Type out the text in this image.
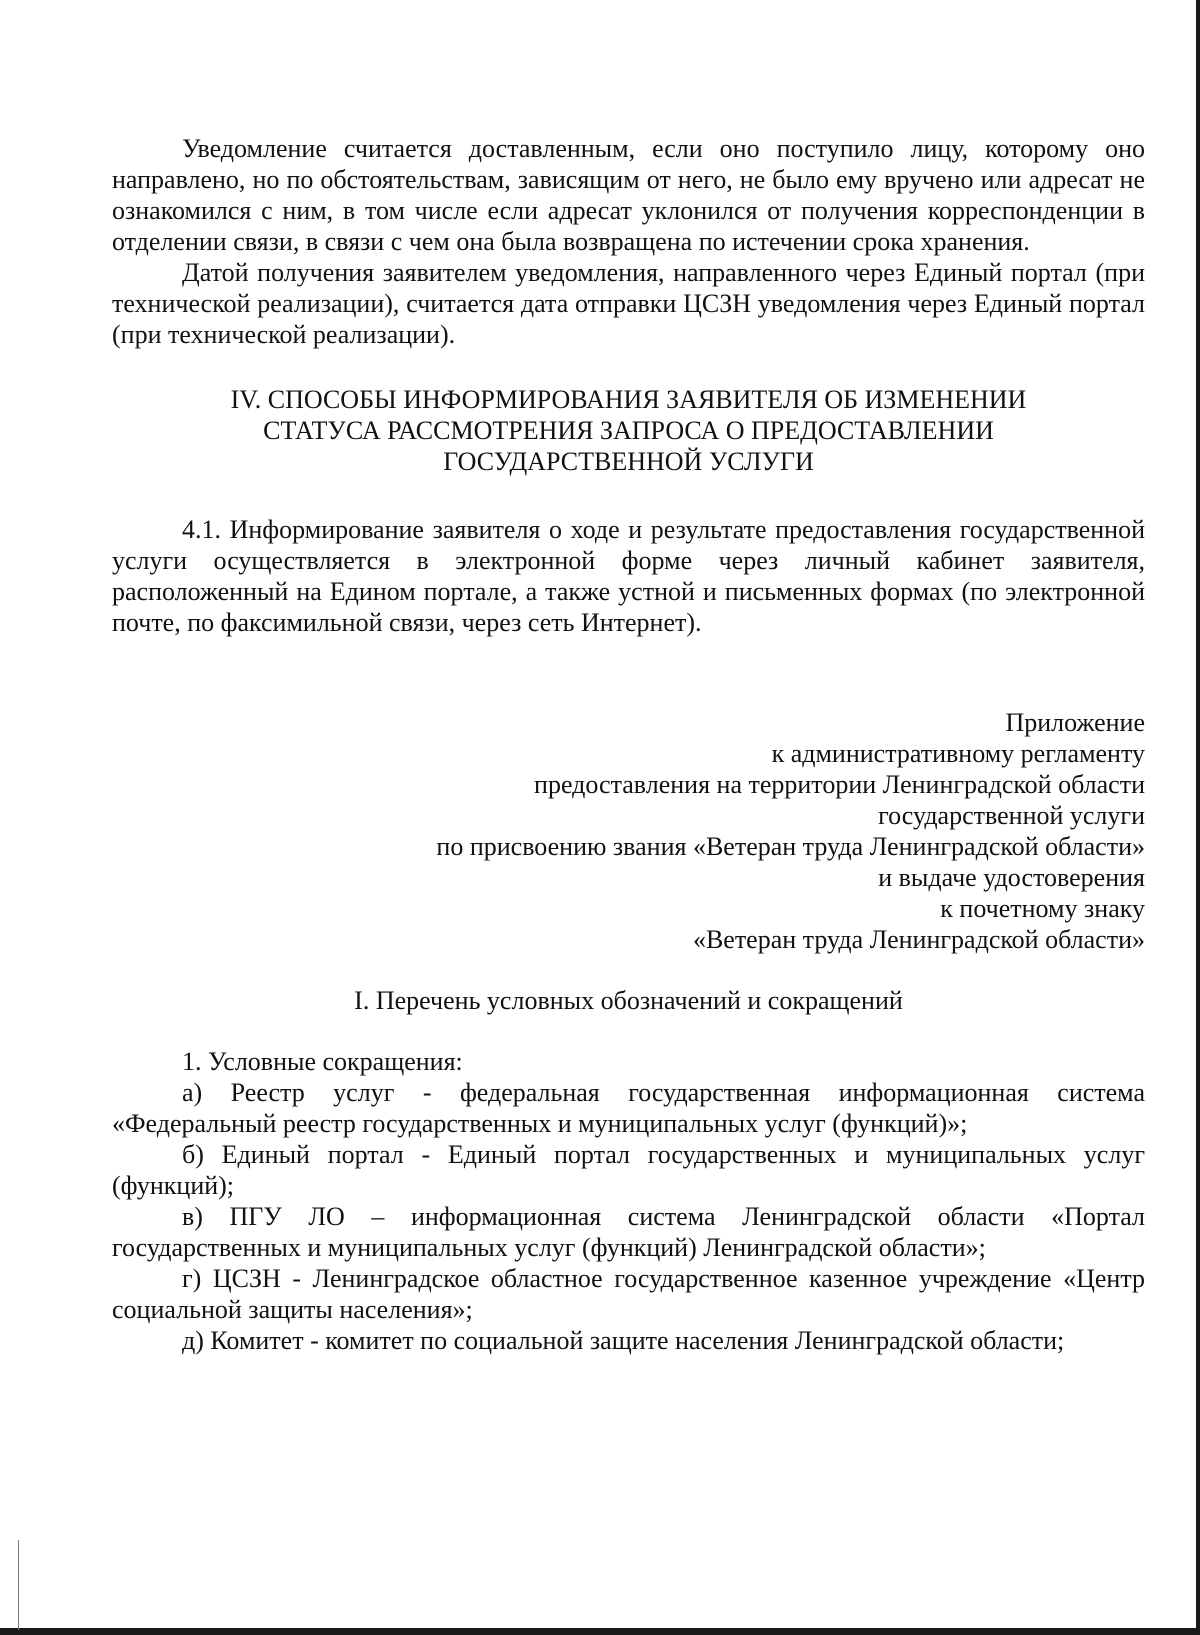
Уведомление считается доставленным, если оно поступило лицу, которому оно направлено, но по обстоятельствам, зависящим от него, не было ему вручено или адресат не ознакомился с ним, в том числе если адресат уклонился от получения корреспонденции в отделении связи, в связи с чем она была возвращена по истечении срока хранения.

Датой получения заявителем уведомления, направленного через Единый портал (при технической реализации), считается дата отправки ЦСЗН уведомления через Единый портал (при технической реализации).

IV. СПОСОБЫ ИНФОРМИРОВАНИЯ ЗАЯВИТЕЛЯ ОБ ИЗМЕНЕНИИ
СТАТУСА РАССМОТРЕНИЯ ЗАПРОСА О ПРЕДОСТАВЛЕНИИ
ГОСУДАРСТВЕННОЙ УСЛУГИ

4.1. Информирование заявителя о ходе и результате предоставления государственной услуги осуществляется в электронной форме через личный кабинет заявителя, расположенный на Едином портале, а также устной и письменных формах (по электронной почте, по факсимильной связи, через сеть Интернет).

Приложение
к административному регламенту
предоставления на территории Ленинградской области
государственной услуги
по присвоению звания «Ветеран труда Ленинградской области»
и выдаче удостоверения
к почетному знаку
«Ветеран труда Ленинградской области»
I. Перечень условных обозначений и сокращений

1. Условные сокращения:

а) Реестр услуг - федеральная государственная информационная система «Федеральный реестр государственных и муниципальных услуг (функций)»;

б) Единый портал - Единый портал государственных и муниципальных услуг (функций);

в) ПГУ ЛО – информационная система Ленинградской области «Портал государственных и муниципальных услуг (функций) Ленинградской области»;

г) ЦСЗН - Ленинградское областное государственное казенное учреждение «Центр социальной защиты населения»;

д) Комитет - комитет по социальной защите населения Ленинградской области;
